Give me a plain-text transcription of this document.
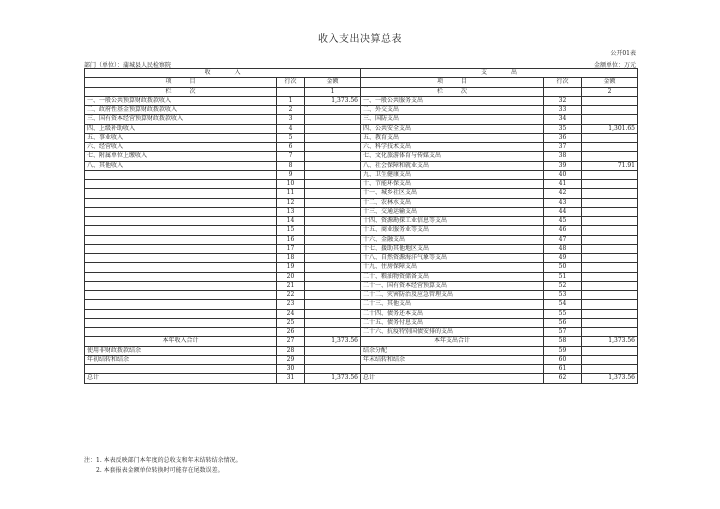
收入支出决算总表
公开01表
部门（单位）：蒲城县人民检察院	金额单位：万元
收　　　　入			支　　　　出		
项　　　目	行次	金额	项　　　目	行次	金额
栏　　　次		1	栏　　　次		2
一、一般公共预算财政拨款收入	1	1,373.56	一、一般公共服务支出	32	
二、政府性基金预算财政拨款收入	2		二、外交支出	33	
三、国有资本经营预算财政拨款收入	3		三、国防支出	34	
四、上级补助收入	4		四、公共安全支出	35	1,301.65
五、事业收入	5		五、教育支出	36	
六、经营收入	6		六、科学技术支出	37	
七、附属单位上缴收入	7		七、文化旅游体育与传媒支出	38	
八、其他收入	8		八、社会保障和就业支出	39	71.91
	9		九、卫生健康支出	40	
	10		十、节能环保支出	41	
	11		十一、城乡社区支出	42	
	12		十二、农林水支出	43	
	13		十三、交通运输支出	44	
	14		十四、资源勘探工业信息等支出	45	
	15		十五、商业服务业等支出	46	
	16		十六、金融支出	47	
	17		十七、援助其他地区支出	48	
	18		十八、自然资源海洋气象等支出	49	
	19		十九、住房保障支出	50	
	20		二十、粮油物资储备支出	51	
	21		二十一、国有资本经营预算支出	52	
	22		二十二、灾害防治及应急管理支出	53	
	23		二十三、其他支出	54	
	24		二十四、债务还本支出	55	
	25		二十五、债务付息支出	56	
	26		二十六、抗疫特别国债安排的支出	57	
本年收入合计	27	1,373.56	本年支出合计	58	1,373.56
使用非财政拨款结余	28		结余分配	59	
年初结转和结余	29		年末结转和结余	60	
	30			61	
总计	31	1,373.56	总计	62	1,373.56
注：1. 本表反映部门本年度的总收支和年末结转结余情况。
　　2. 本套报表金额单位转换时可能存在尾数误差。
